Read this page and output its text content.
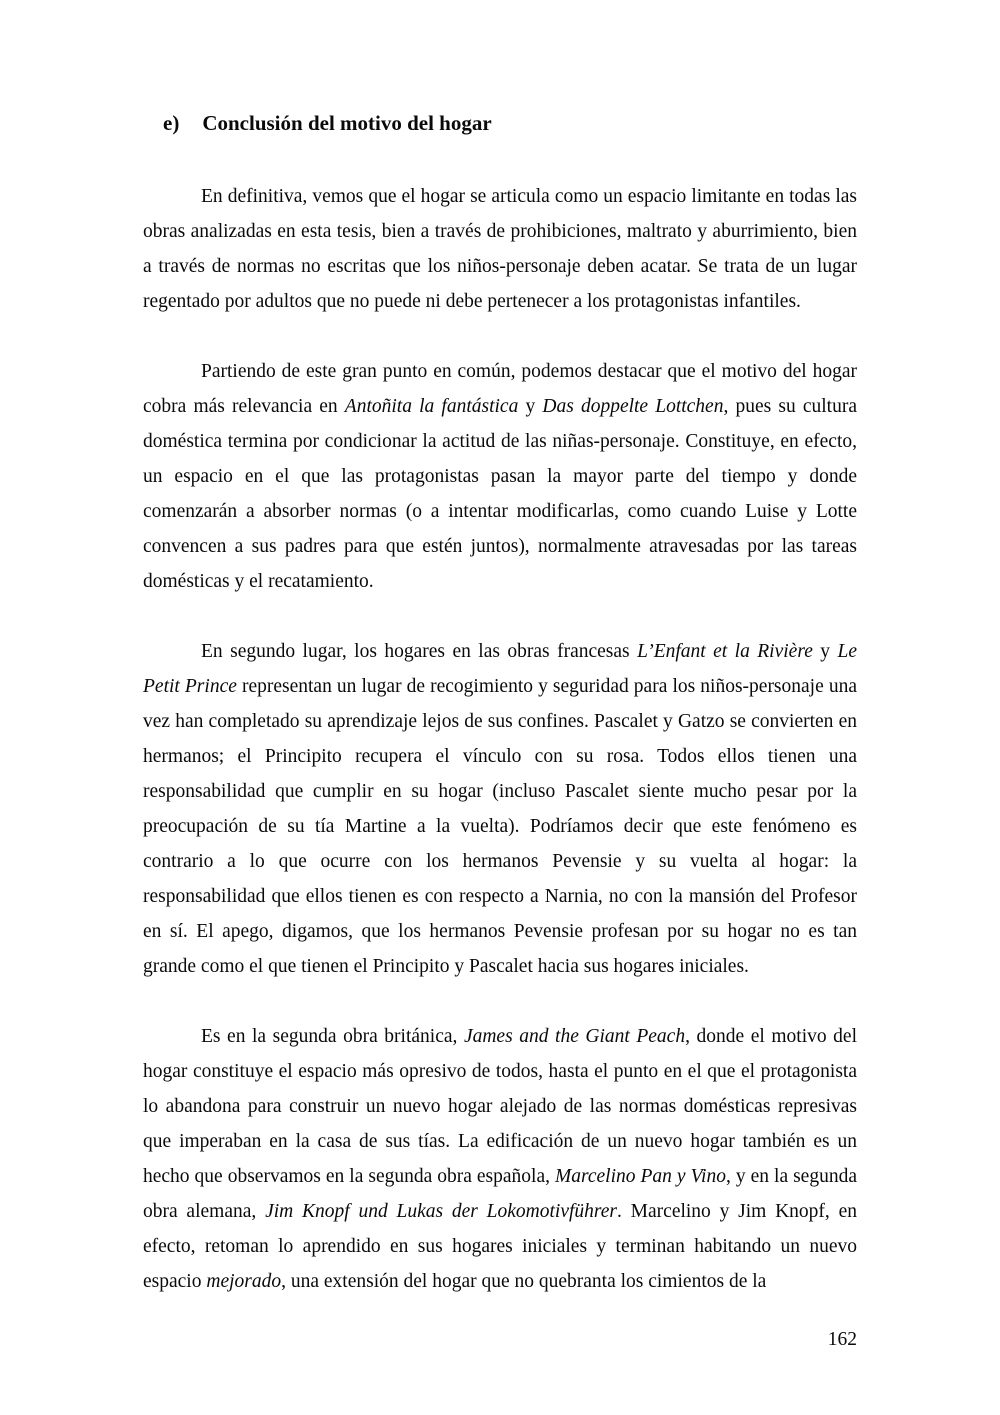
e) Conclusión del motivo del hogar

En definitiva, vemos que el hogar se articula como un espacio limitante en todas las obras analizadas en esta tesis, bien a través de prohibiciones, maltrato y aburrimiento, bien a través de normas no escritas que los niños-personaje deben acatar. Se trata de un lugar regentado por adultos que no puede ni debe pertenecer a los protagonistas infantiles.

Partiendo de este gran punto en común, podemos destacar que el motivo del hogar cobra más relevancia en Antoñita la fantástica y Das doppelte Lottchen, pues su cultura doméstica termina por condicionar la actitud de las niñas-personaje. Constituye, en efecto, un espacio en el que las protagonistas pasan la mayor parte del tiempo y donde comenzarán a absorber normas (o a intentar modificarlas, como cuando Luise y Lotte convencen a sus padres para que estén juntos), normalmente atravesadas por las tareas domésticas y el recatamiento.

En segundo lugar, los hogares en las obras francesas L’Enfant et la Rivière y Le Petit Prince representan un lugar de recogimiento y seguridad para los niños-personaje una vez han completado su aprendizaje lejos de sus confines. Pascalet y Gatzo se convierten en hermanos; el Principito recupera el vínculo con su rosa. Todos ellos tienen una responsabilidad que cumplir en su hogar (incluso Pascalet siente mucho pesar por la preocupación de su tía Martine a la vuelta). Podríamos decir que este fenómeno es contrario a lo que ocurre con los hermanos Pevensie y su vuelta al hogar: la responsabilidad que ellos tienen es con respecto a Narnia, no con la mansión del Profesor en sí. El apego, digamos, que los hermanos Pevensie profesan por su hogar no es tan grande como el que tienen el Principito y Pascalet hacia sus hogares iniciales.

Es en la segunda obra británica, James and the Giant Peach, donde el motivo del hogar constituye el espacio más opresivo de todos, hasta el punto en el que el protagonista lo abandona para construir un nuevo hogar alejado de las normas domésticas represivas que imperaban en la casa de sus tías. La edificación de un nuevo hogar también es un hecho que observamos en la segunda obra española, Marcelino Pan y Vino, y en la segunda obra alemana, Jim Knopf und Lukas der Lokomotivführer. Marcelino y Jim Knopf, en efecto, retoman lo aprendido en sus hogares iniciales y terminan habitando un nuevo espacio mejorado, una extensión del hogar que no quebranta los cimientos de la

162
